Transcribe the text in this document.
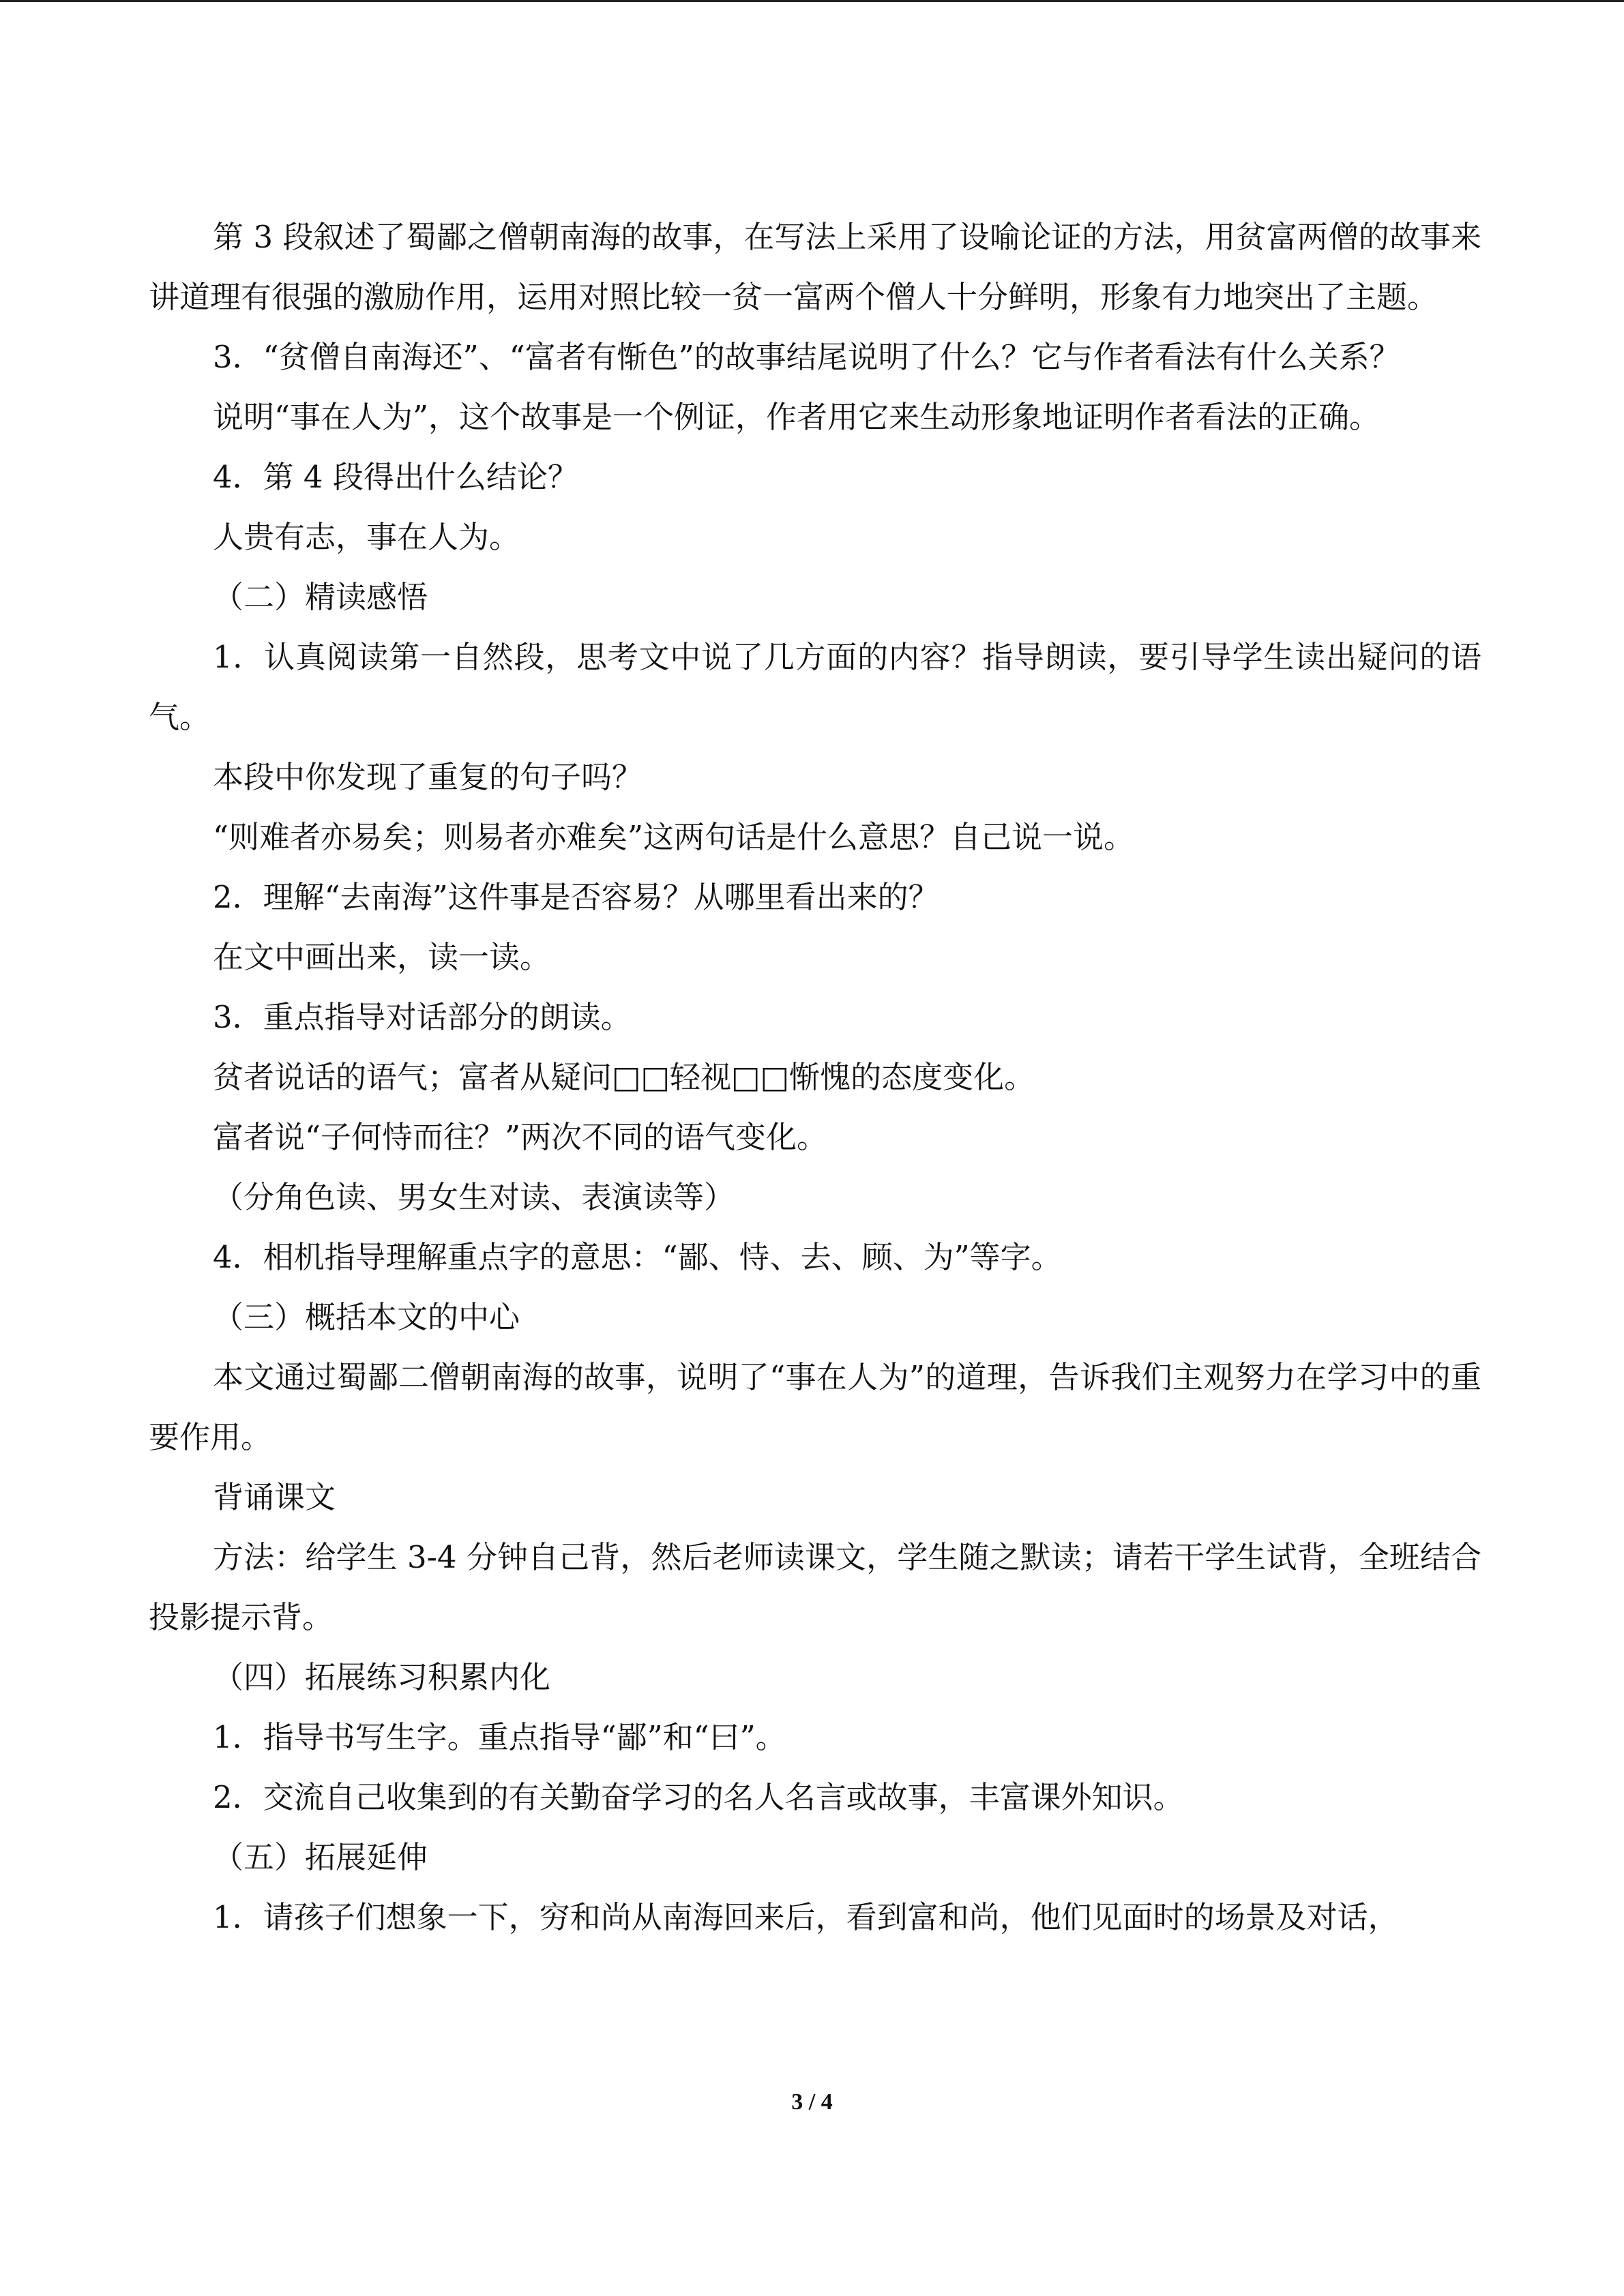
第 3 段叙述了蜀鄙之僧朝南海的故事，在写法上采用了设喻论证的方法，用贫富两僧的故事来讲道理有很强的激励作用，运用对照比较一贫一富两个僧人十分鲜明，形象有力地突出了主题。

3．“贫僧自南海还”、“富者有惭色”的故事结尾说明了什么？它与作者看法有什么关系？

说明“事在人为”，这个故事是一个例证，作者用它来生动形象地证明作者看法的正确。

4．第 4 段得出什么结论？

人贵有志，事在人为。

（二）精读感悟

1．认真阅读第一自然段，思考文中说了几方面的内容？指导朗读，要引导学生读出疑问的语气。

本段中你发现了重复的句子吗？

“则难者亦易矣；则易者亦难矣”这两句话是什么意思？自己说一说。

2．理解“去南海”这件事是否容易？从哪里看出来的？

在文中画出来，读一读。

3．重点指导对话部分的朗读。

贫者说话的语气；富者从疑问□□轻视□□惭愧的态度变化。

富者说“子何恃而往？”两次不同的语气变化。

（分角色读、男女生对读、表演读等）

4．相机指导理解重点字的意思：“鄙、恃、去、顾、为”等字。

（三）概括本文的中心

本文通过蜀鄙二僧朝南海的故事，说明了“事在人为”的道理，告诉我们主观努力在学习中的重要作用。

背诵课文

方法：给学生 3-4 分钟自己背，然后老师读课文，学生随之默读；请若干学生试背，全班结合投影提示背。

（四）拓展练习积累内化

1．指导书写生字。重点指导“鄙”和“曰”。

2．交流自己收集到的有关勤奋学习的名人名言或故事，丰富课外知识。

（五）拓展延伸

1．请孩子们想象一下，穷和尚从南海回来后，看到富和尚，他们见面时的场景及对话，

3 / 4
